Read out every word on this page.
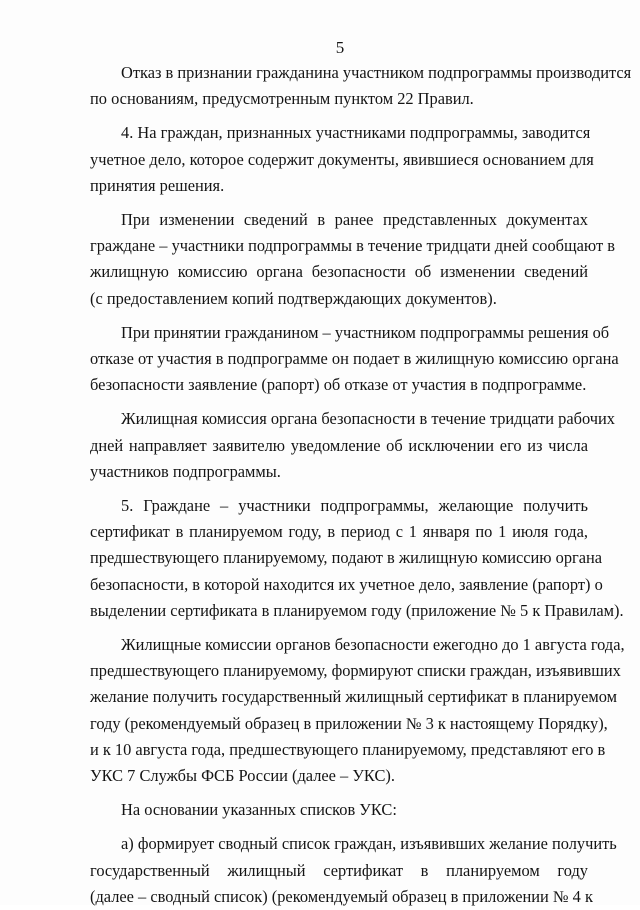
5
Отказ в признании гражданина участником подпрограммы производится
по основаниям, предусмотренным пунктом 22 Правил.
4. На граждан, признанных участниками подпрограммы, заводится
учетное дело, которое содержит документы, явившиеся основанием для
принятия решения.
При изменении сведений в ранее представленных документах
граждане – участники подпрограммы в течение тридцати дней сообщают в
жилищную комиссию органа безопасности об изменении сведений
(с предоставлением копий подтверждающих документов).
При принятии гражданином – участником подпрограммы решения об
отказе от участия в подпрограмме он подает в жилищную комиссию органа
безопасности заявление (рапорт) об отказе от участия в подпрограмме.
Жилищная комиссия органа безопасности в течение тридцати рабочих
дней направляет заявителю уведомление об исключении его из числа
участников подпрограммы.
5. Граждане – участники подпрограммы, желающие получить
сертификат в планируемом году, в период с 1 января по 1 июля года,
предшествующего планируемому, подают в жилищную комиссию органа
безопасности, в которой находится их учетное дело, заявление (рапорт) о
выделении сертификата в планируемом году (приложение № 5 к Правилам).
Жилищные комиссии органов безопасности ежегодно до 1 августа года,
предшествующего планируемому, формируют списки граждан, изъявивших
желание получить государственный жилищный сертификат в планируемом
году (рекомендуемый образец в приложении № 3 к настоящему Порядку),
и к 10 августа года, предшествующего планируемому, представляют его в
УКС 7 Службы ФСБ России (далее – УКС).
На основании указанных списков УКС:
а) формирует сводный список граждан, изъявивших желание получить
государственный жилищный сертификат в планируемом году
(далее – сводный список) (рекомендуемый образец в приложении № 4 к
